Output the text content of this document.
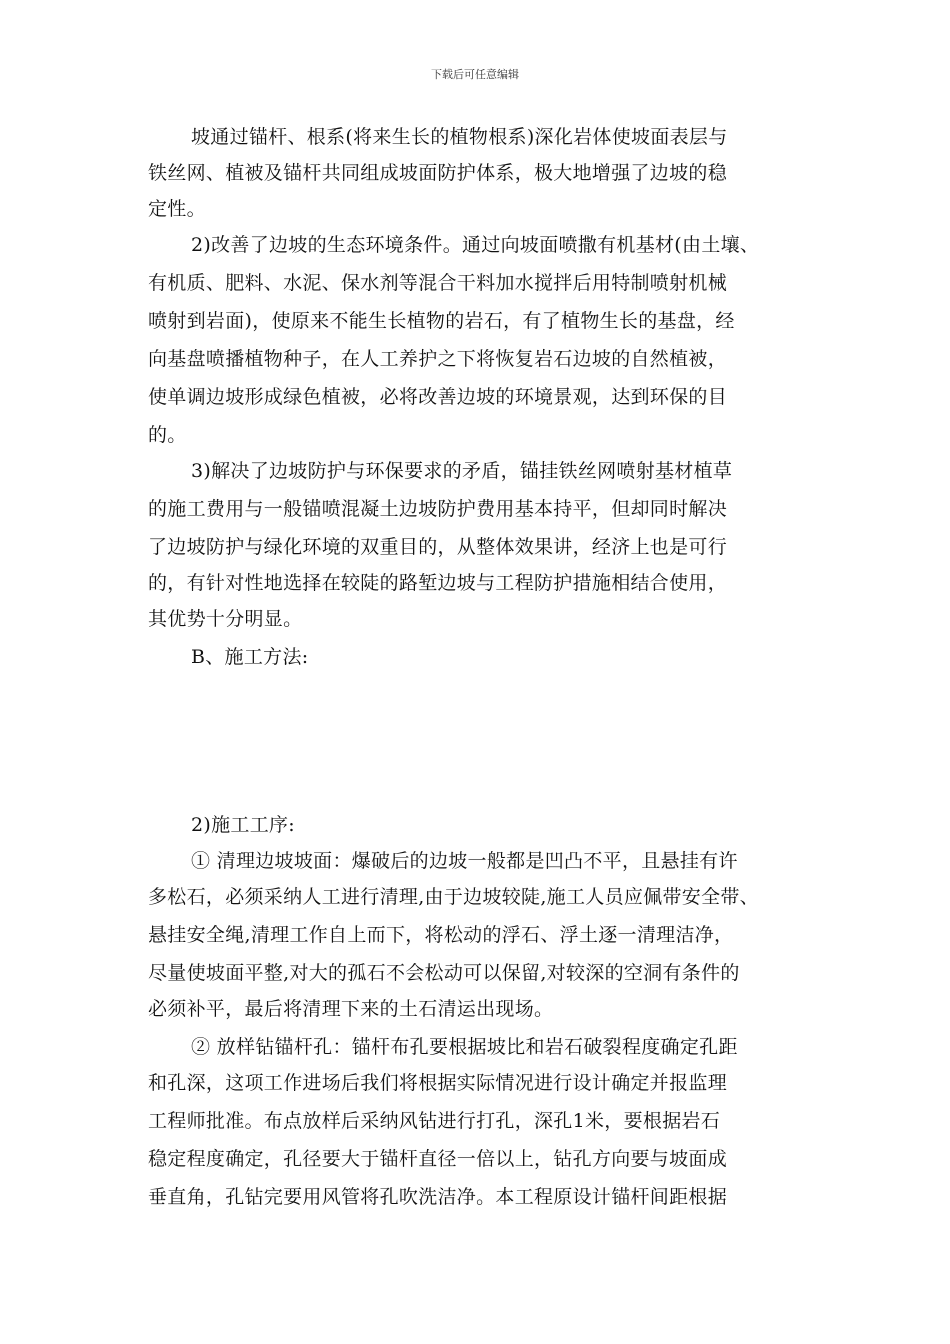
下载后可任意编辑
坡通过锚杆、根系(将来生长的植物根系)深化岩体使坡面表层与
铁丝网、植被及锚杆共同组成坡面防护体系，极大地增强了边坡的稳
定性。
2)改善了边坡的生态环境条件。通过向坡面喷撒有机基材(由土壤、
有机质、肥料、水泥、保水剂等混合干料加水搅拌后用特制喷射机械
喷射到岩面)，使原来不能生长植物的岩石，有了植物生长的基盘，经
向基盘喷播植物种子，在人工养护之下将恢复岩石边坡的自然植被，
使单调边坡形成绿色植被，必将改善边坡的环境景观，达到环保的目
的。
3)解决了边坡防护与环保要求的矛盾，锚挂铁丝网喷射基材植草
的施工费用与一般锚喷混凝土边坡防护费用基本持平，但却同时解决
了边坡防护与绿化环境的双重目的，从整体效果讲，经济上也是可行
的，有针对性地选择在较陡的路堑边坡与工程防护措施相结合使用，
其优势十分明显。
B、施工方法:
2)施工工序:
① 清理边坡坡面：爆破后的边坡一般都是凹凸不平，且悬挂有许
多松石，必须采纳人工进行清理,由于边坡较陡,施工人员应佩带安全带、
悬挂安全绳,清理工作自上而下，将松动的浮石、浮土逐一清理洁净，
尽量使坡面平整,对大的孤石不会松动可以保留,对较深的空洞有条件的
必须补平，最后将清理下来的土石清运出现场。
② 放样钻锚杆孔：锚杆布孔要根据坡比和岩石破裂程度确定孔距
和孔深，这项工作进场后我们将根据实际情况进行设计确定并报监理
工程师批准。布点放样后采纳风钻进行打孔，深孔1米，要根据岩石
稳定程度确定，孔径要大于锚杆直径一倍以上，钻孔方向要与坡面成
垂直角，孔钻完要用风管将孔吹洗洁净。本工程原设计锚杆间距根据
